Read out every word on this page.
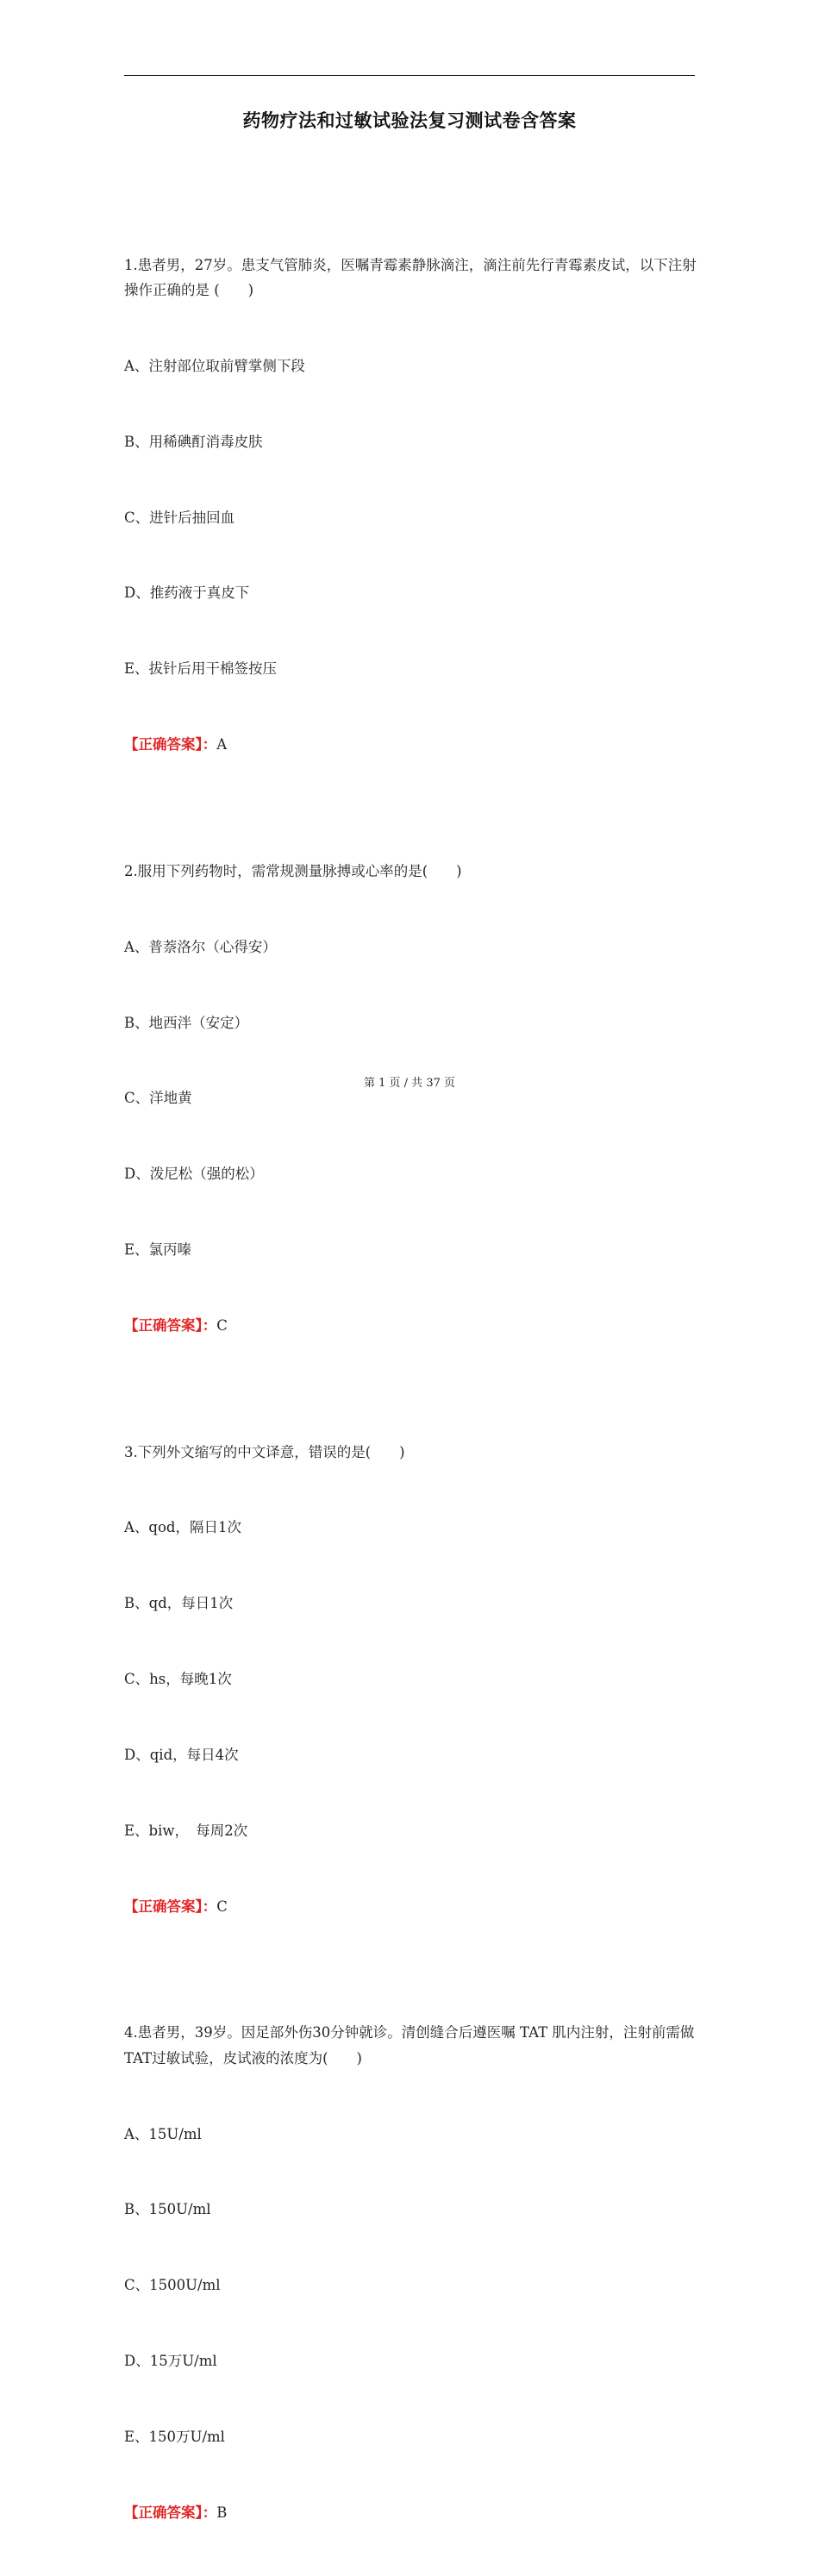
药物疗法和过敏试验法复习测试卷含答案

1.患者男，27岁。患支气管肺炎，医嘱青霉素静脉滴注，滴注前先行青霉素皮试，以下注射操作正确的是 (　　)

A、注射部位取前臂掌侧下段

B、用稀碘酊消毒皮肤

C、进针后抽回血

D、推药液于真皮下

E、拔针后用干棉签按压

【正确答案】：A

2.服用下列药物时，需常规测量脉搏或心率的是(　　)

A、普萘洛尔（心得安）

B、地西泮（安定）

C、洋地黄

D、泼尼松（强的松）

E、氯丙嗪

【正确答案】：C

3.下列外文缩写的中文译意，错误的是(　　)

A、qod，隔日1次

B、qd，每日1次

C、hs，每晚1次

D、qid，每日4次

E、biw，　每周2次

【正确答案】：C

4.患者男，39岁。因足部外伤30分钟就诊。清创缝合后遵医嘱 TAT 肌内注射，注射前需做 TAT过敏试验，皮试液的浓度为(　　)

A、15U/ml

B、150U/ml

C、1500U/ml

D、15万U/ml

E、150万U/ml

【正确答案】：B

第 1 页 / 共 37 页
